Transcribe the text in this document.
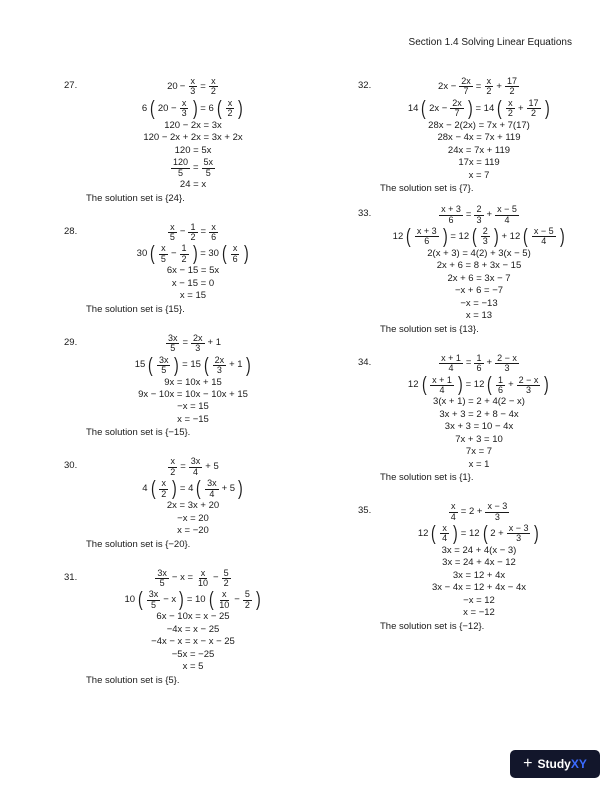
Section 1.4 Solving Linear Equations
27.	$20 - \frac{x}{3} = \frac{x}{2}$
6 ( $20 - \frac{x}{3}$ ) = 6 ( $\frac{x}{2}$ )
120 − 2x = 3x
120 − 2x + 2x = 3x + 2x
120 = 5x
$\frac{120}{5} = \frac{5x}{5}$
24 = x
The solution set is {24}.
28.	$\frac{x}{5} - \frac{1}{2} = \frac{x}{6}$
30 ( $\frac{x}{5} - \frac{1}{2}$ ) = 30 ( $\frac{x}{6}$ )
6x − 15 = 5x
x − 15 = 0
x = 15
The solution set is {15}.
29.	$\frac{3x}{5} = \frac{2x}{3} + 1$
15 ( $\frac{3x}{5}$ ) = 15 ( $\frac{2x}{3} + 1$ )
9x = 10x + 15
9x − 10x = 10x − 10x + 15
−x = 15
x = −15
The solution set is {−15}.
30.	$\frac{x}{2} = \frac{3x}{4} + 5$
4 ( $\frac{x}{2}$ ) = 4 ( $\frac{3x}{4} + 5$ )
2x = 3x + 20
−x = 20
x = −20
The solution set is {−20}.
31.	$\frac{3x}{5} - x = \frac{x}{10} - \frac{5}{2}$
10 ( $\frac{3x}{5} - x$ ) = 10 ( $\frac{x}{10} - \frac{5}{2}$ )
6x − 10x = x − 25
−4x = x − 25
−4x − x = x − x − 25
−5x = −25
x = 5
The solution set is {5}.
32.	$2x - \frac{2x}{7} = \frac{x}{2} + \frac{17}{2}$
14 ( $2x - \frac{2x}{7}$ ) = 14 ( $\frac{x}{2} + \frac{17}{2}$ )
28x − 2(2x) = 7x + 7(17)
28x − 4x = 7x + 119
24x = 7x + 119
17x = 119
x = 7
The solution set is {7}.
33.	$\frac{x + 3}{6} = \frac{2}{3} + \frac{x - 5}{4}$
12 ( $\frac{x + 3}{6}$ ) = 12 ( $\frac{2}{3}$ ) + 12 ( $\frac{x - 5}{4}$ )
2(x + 3) = 4(2) + 3(x − 5)
2x + 6 = 8 + 3x − 15
2x + 6 = 3x − 7
−x + 6 = −7
−x = −13
x = 13
The solution set is {13}.
34.	$\frac{x + 1}{4} = \frac{1}{6} + \frac{2 - x}{3}$
12 ( $\frac{x + 1}{4}$ ) = 12 ( $\frac{1}{6} + \frac{2 - x}{3}$ )
3(x + 1) = 2 + 4(2 − x)
3x + 3 = 2 + 8 − 4x
3x + 3 = 10 − 4x
7x + 3 = 10
7x = 7
x = 1
The solution set is {1}.
35.	$\frac{x}{4} = 2 + \frac{x - 3}{3}$
12 ( $\frac{x}{4}$ ) = 12 ( $2 + \frac{x - 3}{3}$ )
3x = 24 + 4(x − 3)
3x = 24 + 4x − 12
3x = 12 + 4x
3x − 4x = 12 + 4x − 4x
−x = 12
x = −12
The solution set is {−12}.
+ Study XY
